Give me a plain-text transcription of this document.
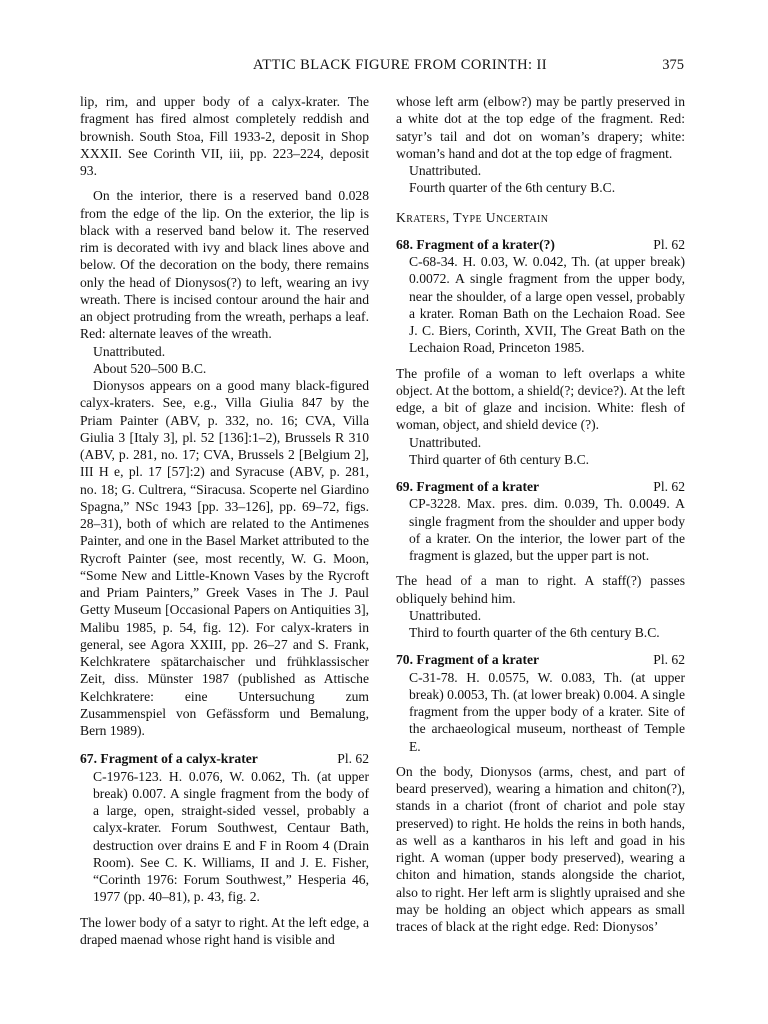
ATTIC BLACK FIGURE FROM CORINTH: II	375

lip, rim, and upper body of a calyx-krater. The fragment has fired almost completely reddish and brownish. South Stoa, Fill 1933-2, deposit in Shop XXXII. See Corinth VII, iii, pp. 223–224, deposit 93.

On the interior, there is a reserved band 0.028 from the edge of the lip. On the exterior, the lip is black with a reserved band below it. The reserved rim is decorated with ivy and black lines above and below. Of the decoration on the body, there remains only the head of Dionysos(?) to left, wearing an ivy wreath. There is incised contour around the hair and an object protruding from the wreath, perhaps a leaf. Red: alternate leaves of the wreath.

Unattributed.

About 520–500 B.C.

Dionysos appears on a good many black-figured calyx-kraters. See, e.g., Villa Giulia 847 by the Priam Painter (ABV, p. 332, no. 16; CVA, Villa Giulia 3 [Italy 3], pl. 52 [136]:1–2), Brussels R 310 (ABV, p. 281, no. 17; CVA, Brussels 2 [Belgium 2], III H e, pl. 17 [57]:2) and Syracuse (ABV, p. 281, no. 18; G. Cultrera, “Siracusa. Scoperte nel Giardino Spagna,” NSc 1943 [pp. 33–126], pp. 69–72, figs. 28–31), both of which are related to the Antimenes Painter, and one in the Basel Market attributed to the Rycroft Painter (see, most recently, W. G. Moon, “Some New and Little-Known Vases by the Rycroft and Priam Painters,” Greek Vases in The J. Paul Getty Museum [Occasional Papers on Antiquities 3], Malibu 1985, p. 54, fig. 12). For calyx-kraters in general, see Agora XXIII, pp. 26–27 and S. Frank, Kelchkratere spätarchaischer und frühklassischer Zeit, diss. Münster 1987 (published as Attische Kelchkratere: eine Untersuchung zum Zusammenspiel von Gefässform und Bemalung, Bern 1989).

67. Fragment of a calyx-krater	Pl. 62

C-1976-123. H. 0.076, W. 0.062, Th. (at upper break) 0.007. A single fragment from the body of a large, open, straight-sided vessel, probably a calyx-krater. Forum Southwest, Centaur Bath, destruction over drains E and F in Room 4 (Drain Room). See C. K. Williams, II and J. E. Fisher, “Corinth 1976: Forum Southwest,” Hesperia 46, 1977 (pp. 40–81), p. 43, fig. 2.

The lower body of a satyr to right. At the left edge, a draped maenad whose right hand is visible and

whose left arm (elbow?) may be partly preserved in a white dot at the top edge of the fragment. Red: satyr’s tail and dot on woman’s drapery; white: woman’s hand and dot at the top edge of fragment.

Unattributed.

Fourth quarter of the 6th century B.C.

Kraters, Type Uncertain

68. Fragment of a krater(?)	Pl. 62

C-68-34. H. 0.03, W. 0.042, Th. (at upper break) 0.0072. A single fragment from the upper body, near the shoulder, of a large open vessel, probably a krater. Roman Bath on the Lechaion Road. See J. C. Biers, Corinth, XVII, The Great Bath on the Lechaion Road, Princeton 1985.

The profile of a woman to left overlaps a white object. At the bottom, a shield(?; device?). At the left edge, a bit of glaze and incision. White: flesh of woman, object, and shield device (?).

Unattributed.

Third quarter of 6th century B.C.

69. Fragment of a krater	Pl. 62

CP-3228. Max. pres. dim. 0.039, Th. 0.0049. A single fragment from the shoulder and upper body of a krater. On the interior, the lower part of the fragment is glazed, but the upper part is not.

The head of a man to right. A staff(?) passes obliquely behind him.

Unattributed.

Third to fourth quarter of the 6th century B.C.

70. Fragment of a krater	Pl. 62

C-31-78. H. 0.0575, W. 0.083, Th. (at upper break) 0.0053, Th. (at lower break) 0.004. A single fragment from the upper body of a krater. Site of the archaeological museum, northeast of Temple E.

On the body, Dionysos (arms, chest, and part of beard preserved), wearing a himation and chiton(?), stands in a chariot (front of chariot and pole stay preserved) to right. He holds the reins in both hands, as well as a kantharos in his left and goad in his right. A woman (upper body preserved), wearing a chiton and himation, stands alongside the chariot, also to right. Her left arm is slightly upraised and she may be holding an object which appears as small traces of black at the right edge. Red: Dionysos’
